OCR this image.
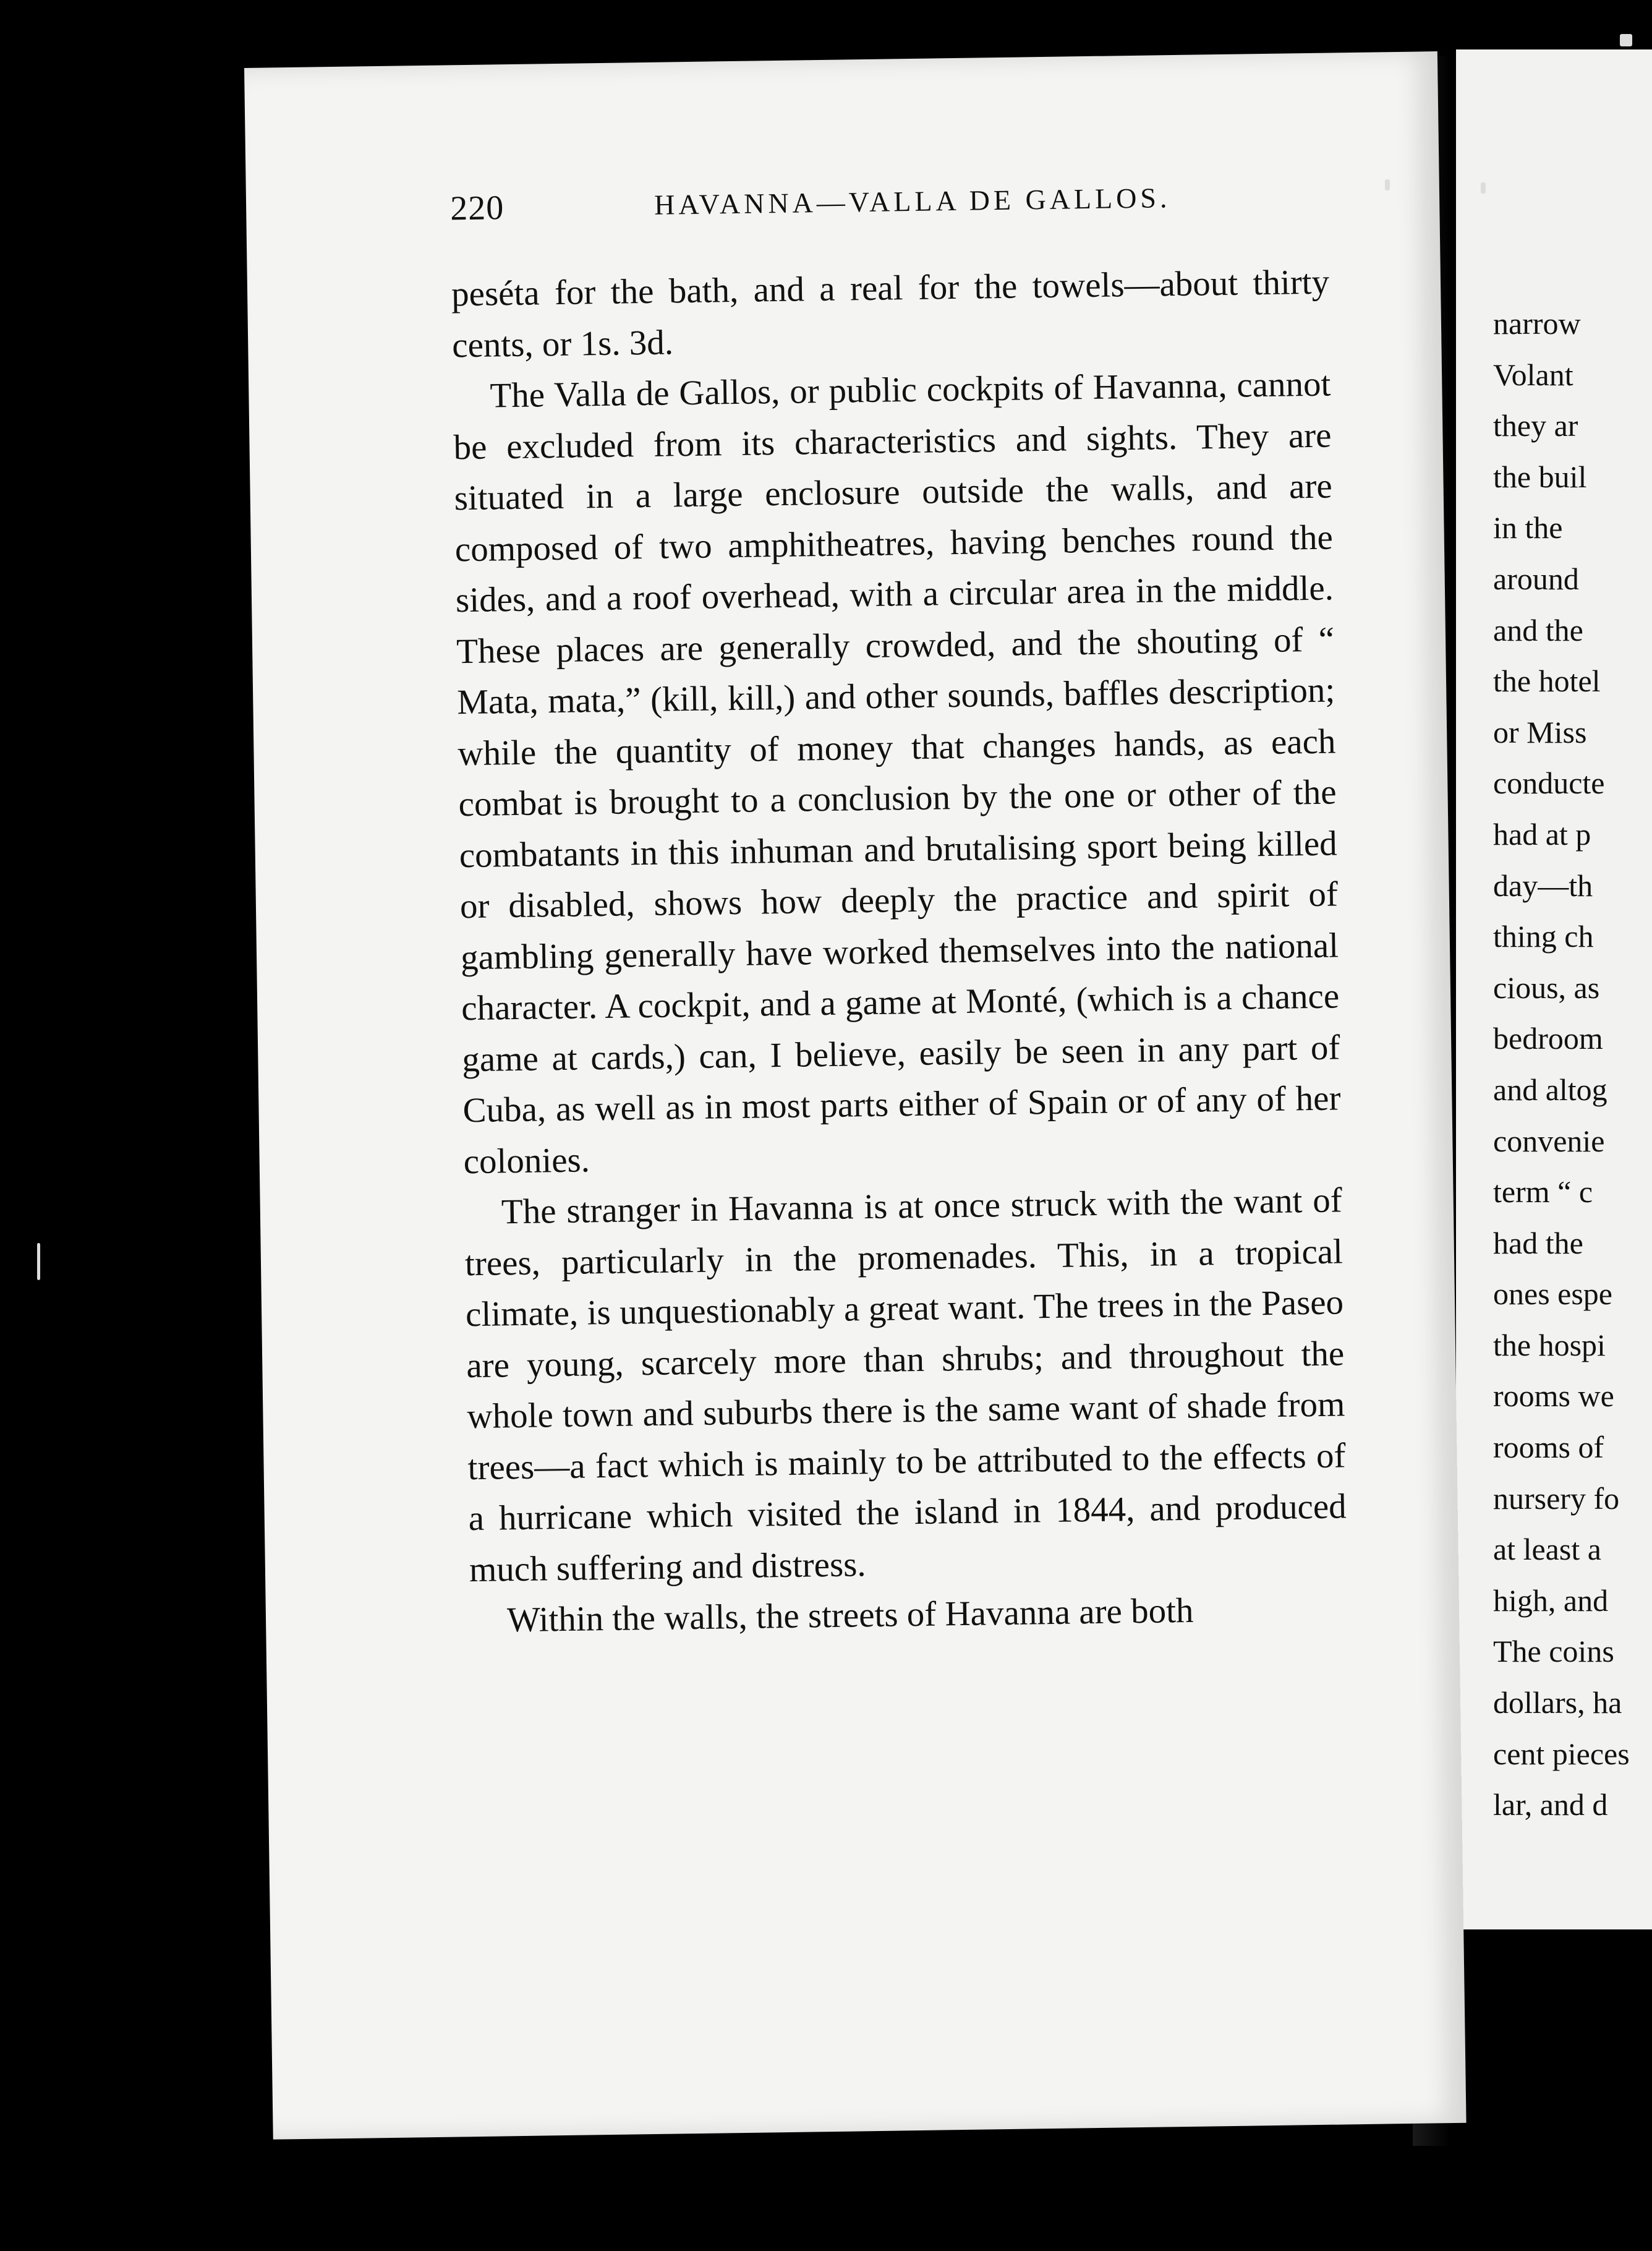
narrow
Volant
they ar
the buil
in the
around
and the
the hotel
or Miss
conducte
had at p
day—th
thing ch
cious, as
bedroom
and altog
convenie
term “ c
had the
ones espe
the hospi
rooms we
rooms of
nursery fo
at least a
high, and
The coins
dollars, ha
cent pieces
lar, and d
220	HAVANNA—VALLA DE GALLOS.

peséta for the bath, and a real for the towels—about thirty cents, or 1s. 3d.

The Valla de Gallos, or public cockpits of Havanna, cannot be excluded from its characteristics and sights. They are situated in a large enclosure outside the walls, and are composed of two amphitheatres, having benches round the sides, and a roof overhead, with a circular area in the middle. These places are generally crowded, and the shouting of “ Mata, mata,” (kill, kill,) and other sounds, baffles description; while the quantity of money that changes hands, as each combat is brought to a conclusion by the one or other of the combatants in this inhuman and brutalising sport being killed or disabled, shows how deeply the practice and spirit of gambling generally have worked themselves into the national character. A cockpit, and a game at Monté, (which is a chance game at cards,) can, I believe, easily be seen in any part of Cuba, as well as in most parts either of Spain or of any of her colonies.

The stranger in Havanna is at once struck with the want of trees, particularly in the promenades. This, in a tropical climate, is unquestionably a great want. The trees in the Paseo are young, scarcely more than shrubs; and throughout the whole town and suburbs there is the same want of shade from trees—a fact which is mainly to be attributed to the effects of a hurricane which visited the island in 1844, and produced much suffering and distress.

Within the walls, the streets of Havanna are both
